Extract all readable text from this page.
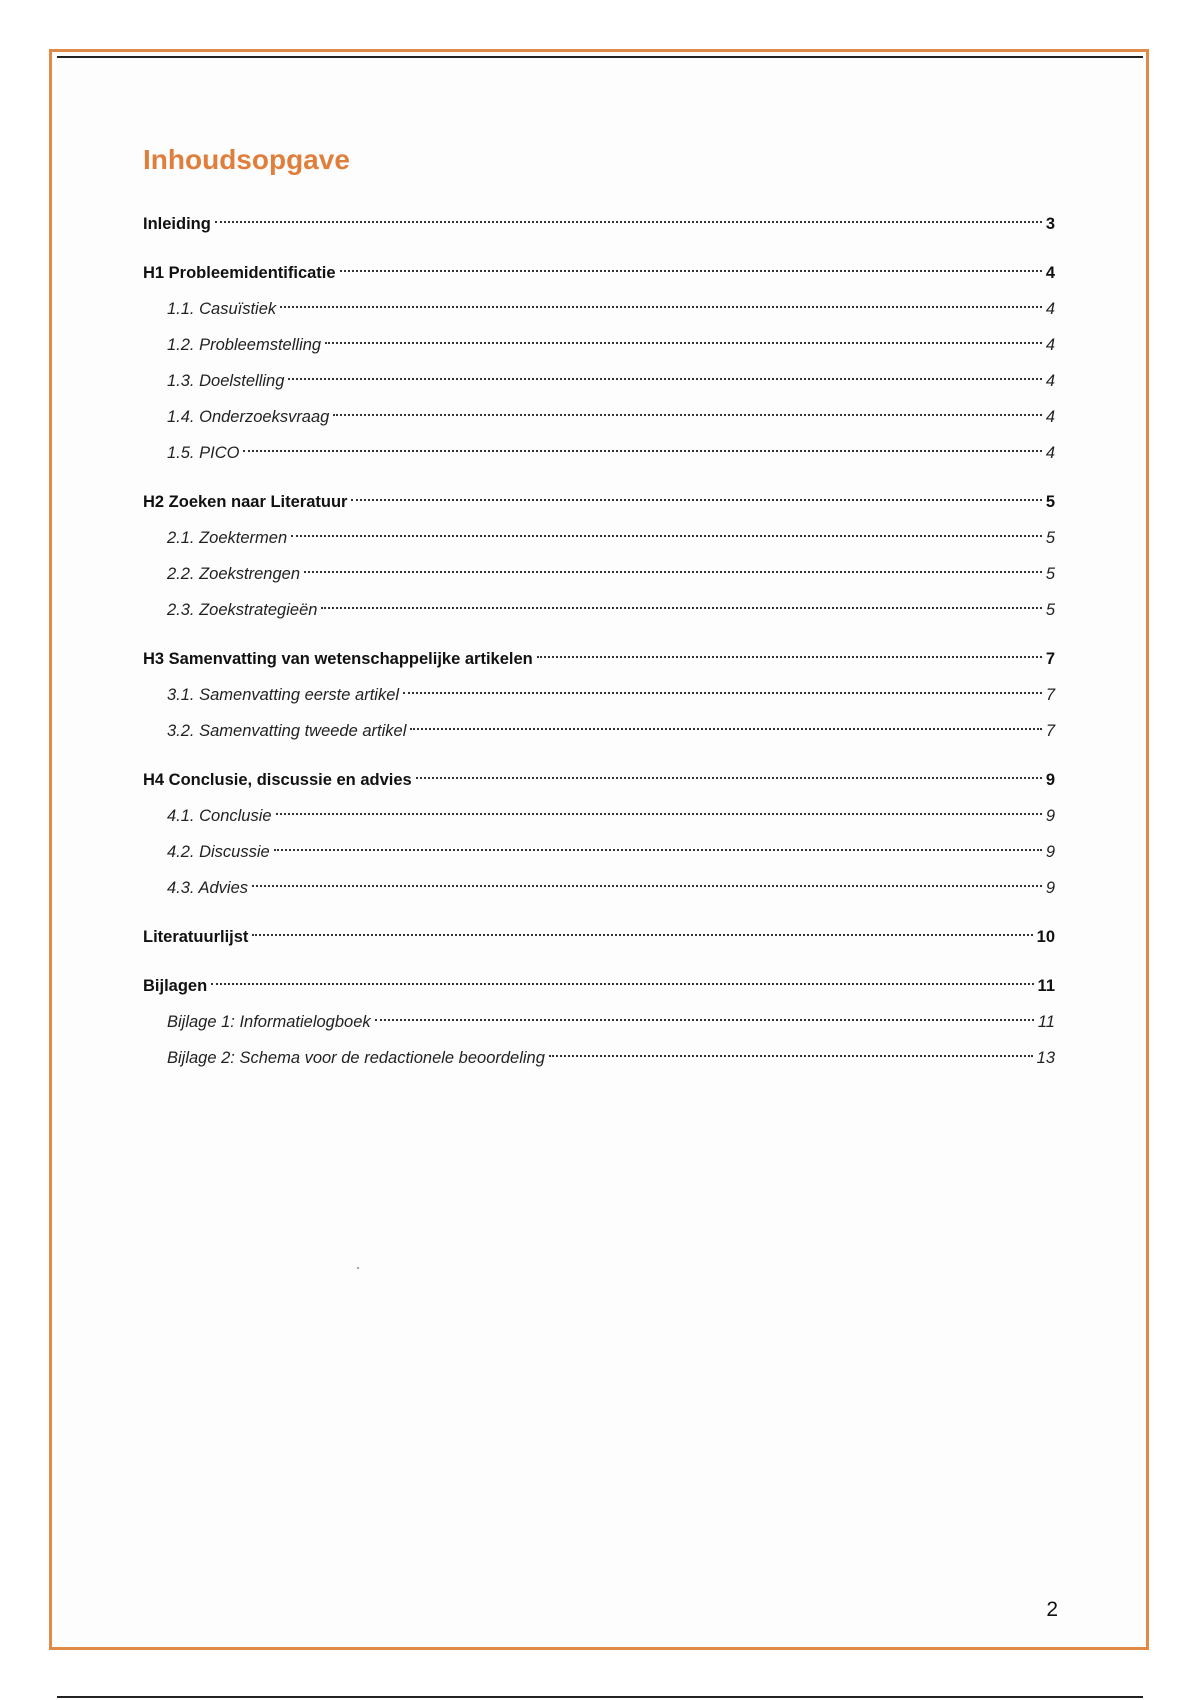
Inhoudsopgave
Inleiding	3
H1 Probleemidentificatie	4
1.1. Casuïstiek	4
1.2. Probleemstelling	4
1.3. Doelstelling	4
1.4. Onderzoeksvraag	4
1.5. PICO	4
H2 Zoeken naar Literatuur	5
2.1. Zoektermen	5
2.2. Zoekstrengen	5
2.3. Zoekstrategieën	5
H3 Samenvatting van wetenschappelijke artikelen	7
3.1. Samenvatting eerste artikel	7
3.2. Samenvatting tweede artikel	7
H4 Conclusie, discussie en advies	9
4.1. Conclusie	9
4.2. Discussie	9
4.3. Advies	9
Literatuurlijst	10
Bijlagen	11
Bijlage 1: Informatielogboek	11
Bijlage 2: Schema voor de redactionele beoordeling	13
2
